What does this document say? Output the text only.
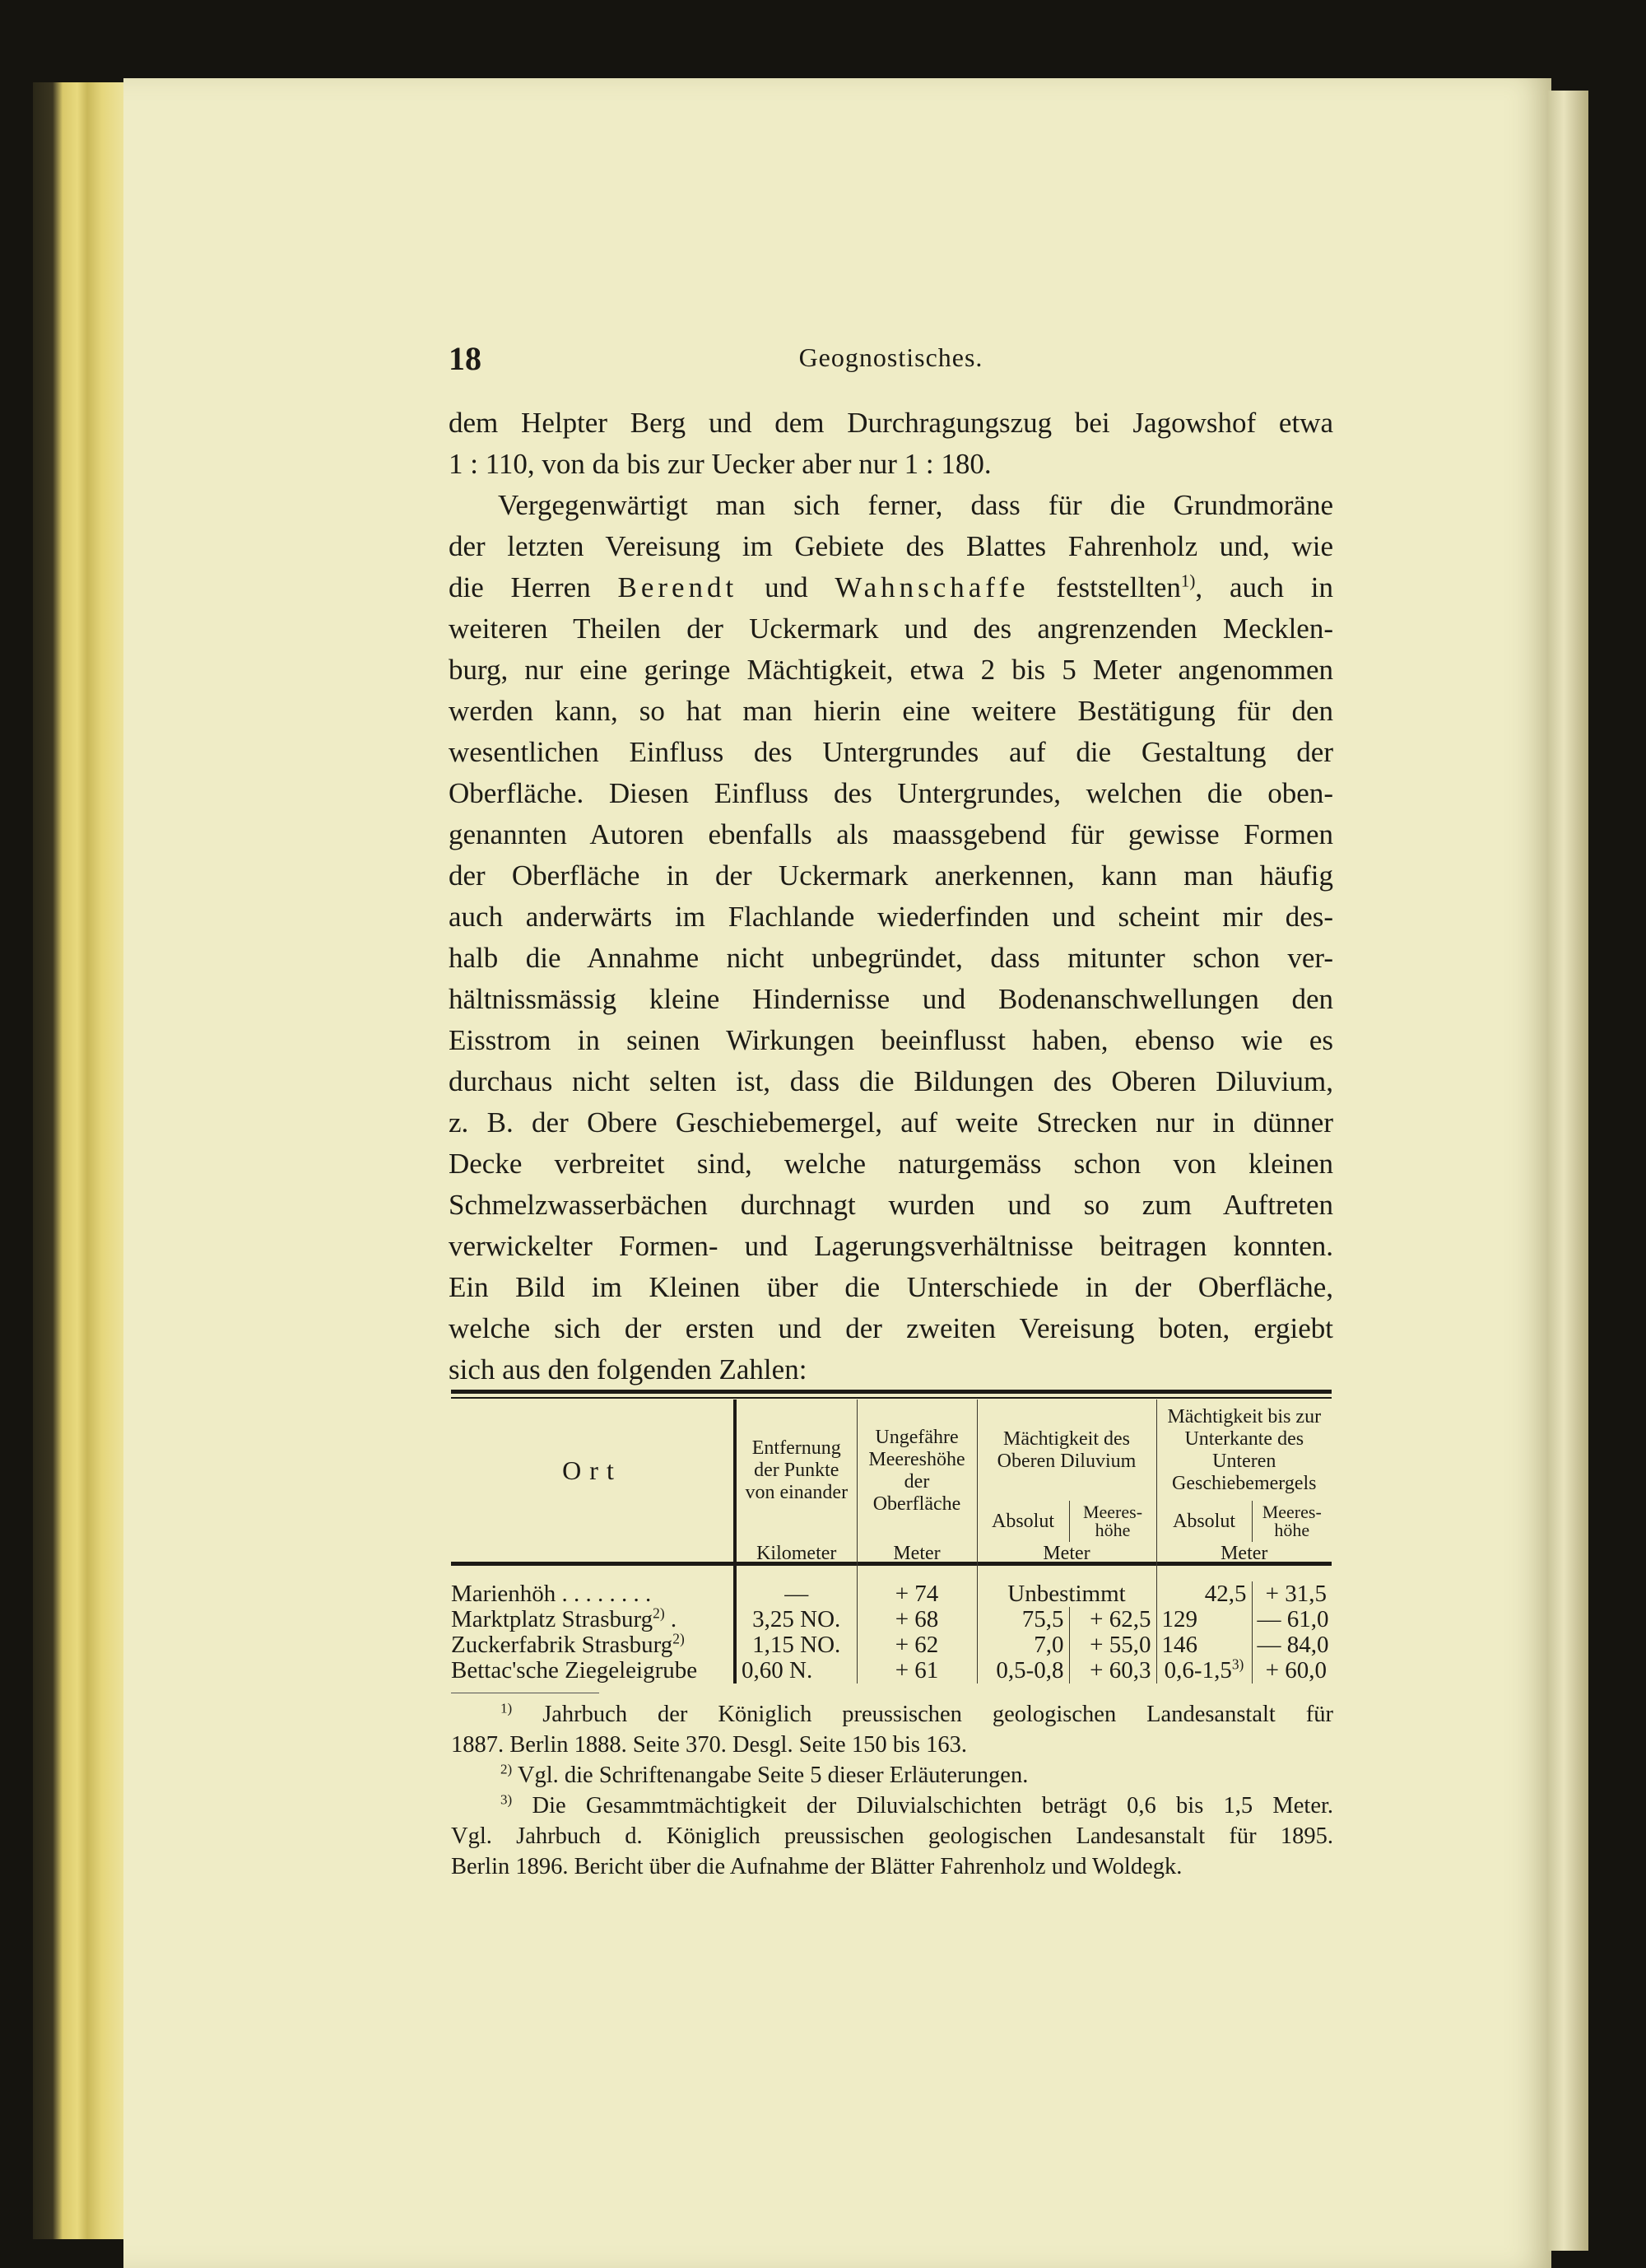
18	Geognostisches.
dem Helpter Berg und dem Durchragungszug bei Jagowshof etwa
1 : 110, von da bis zur Uecker aber nur 1 : 180.
Vergegenwärtigt man sich ferner, dass für die Grundmoräne
der letzten Vereisung im Gebiete des Blattes Fahrenholz und, wie
die Herren Berendt und Wahnschaffe feststellten$^{1)}$, auch in
weiteren Theilen der Uckermark und des angrenzenden Mecklen-
burg, nur eine geringe Mächtigkeit, etwa 2 bis 5 Meter angenommen
werden kann, so hat man hierin eine weitere Bestätigung für den
wesentlichen Einfluss des Untergrundes auf die Gestaltung der
Oberfläche. Diesen Einfluss des Untergrundes, welchen die oben-
genannten Autoren ebenfalls als maassgebend für gewisse Formen
der Oberfläche in der Uckermark anerkennen, kann man häufig
auch anderwärts im Flachlande wiederfinden und scheint mir des-
halb die Annahme nicht unbegründet, dass mitunter schon ver-
hältnissmässig kleine Hindernisse und Bodenanschwellungen den
Eisstrom in seinen Wirkungen beeinflusst haben, ebenso wie es
durchaus nicht selten ist, dass die Bildungen des Oberen Diluvium,
z. B. der Obere Geschiebemergel, auf weite Strecken nur in dünner
Decke verbreitet sind, welche naturgemäss schon von kleinen
Schmelzwasserbächen durchnagt wurden und so zum Auftreten
verwickelter Formen- und Lagerungsverhältnisse beitragen konnten.
Ein Bild im Kleinen über die Unterschiede in der Oberfläche,
welche sich der ersten und der zweiten Vereisung boten, ergiebt
sich aus den folgenden Zahlen:
Ort	Entfernung der Punkte von einander	Ungefähre Meereshöhe der Oberfläche	Mächtigkeit des Oberen Diluvium		Mächtigkeit bis zur Unterkante des Unteren Geschiebemergels	
			Absolut	Meeres- höhe	Absolut	Meeres- höhe
	Kilometer	Meter	Meter		Meter	

Marienhöh . . . . . . . .	—	+ 74	Unbestimmt		42,5	+ 31,5
Marktplatz Strasburg$^{2)}$ .	3,25 NO.	+ 68	75,5	+ 62,5	129	— 61,0
Zuckerfabrik Strasburg$^{2)}$	1,15 NO.	+ 62	7,0	+ 55,0	146	— 84,0
Bettac'sche Ziegeleigrube	0,60 N.	+ 61	0,5-0,8	+ 60,3	$0,6-1,5^{3)}$	+ 60,0
$^{1)}$ Jahrbuch der Königlich preussischen geologischen Landesanstalt für
1887. Berlin 1888. Seite 370. Desgl. Seite 150 bis 163.
$^{2)}$ Vgl. die Schriftenangabe Seite 5 dieser Erläuterungen.
$^{3)}$ Die Gesammtmächtigkeit der Diluvialschichten beträgt 0,6 bis 1,5 Meter.
Vgl. Jahrbuch d. Königlich preussischen geologischen Landesanstalt für 1895.
Berlin 1896. Bericht über die Aufnahme der Blätter Fahrenholz und Woldegk.
